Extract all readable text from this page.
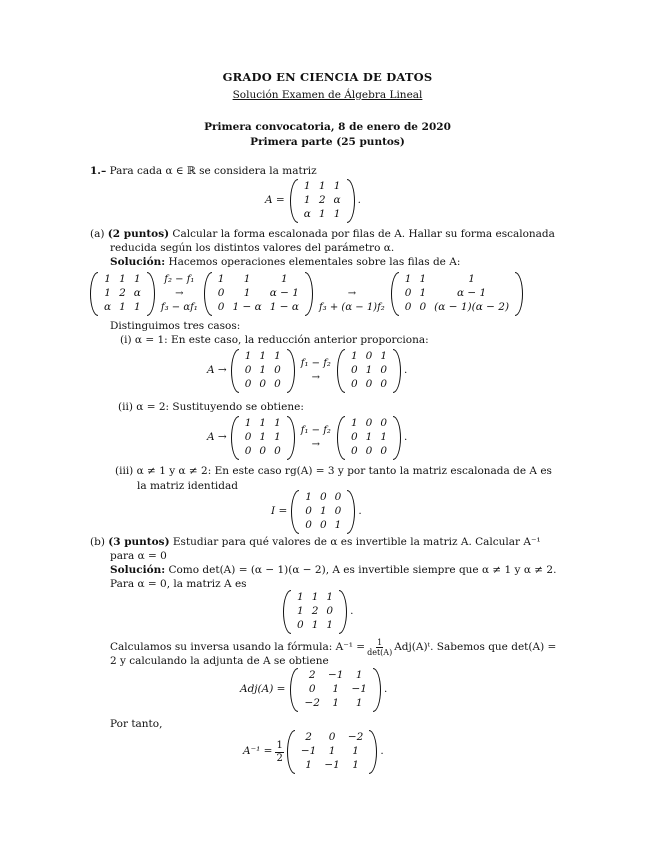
GRADO EN CIENCIA DE DATOS
Solución Examen de Álgebra Lineal
Primera convocatoria, 8 de enero de 2020
Primera parte (25 puntos)
1.– Para cada α ∈ ℝ se considera la matriz
A =
1	1	1
1	2	α
α	1	1
.
(a) (2 puntos) Calcular la forma escalonada por filas de A. Hallar su forma escalonada
reducida según los distintos valores del parámetro α.
Solución: Hacemos operaciones elementales sobre las filas de A:
1	1	1
1	2	α
α	1	1
f₂ − f₁
→
f₃ − αf₁
1	1	1
0	1	α − 1
0	1 − α	1 − α

→
f₃ + (α − 1)f₂
1	1	1
0	1	α − 1
0	0	(α − 1)(α − 2)
Distinguimos tres casos:
(i) α = 1: En este caso, la reducción anterior proporciona:
A →
1	1	1
0	1	0
0	0	0
f₁ − f₂
→
1	0	1
0	1	0
0	0	0
.
(ii) α = 2: Sustituyendo se obtiene:
A →
1	1	1
0	1	1
0	0	0
f₁ − f₂
→
1	0	0
0	1	1
0	0	0
.
(iii) α ≠ 1 y α ≠ 2: En este caso rg(A) = 3 y por tanto la matriz escalonada de A es
la matriz identidad
I =
1	0	0
0	1	0
0	0	1
.
(b) (3 puntos) Estudiar para qué valores de α es invertible la matriz A. Calcular A⁻¹
para α = 0
Solución: Como det(A) = (α − 1)(α − 2), A es invertible siempre que α ≠ 1 y α ≠ 2.
Para α = 0, la matriz A es
1	1	1
1	2	0
0	1	1
.
Calculamos su inversa usando la fórmula: $A^{-1} = \frac{1}{\det(A)}$ Adj(A)ᵗ. Sabemos que det(A) =
2 y calculando la adjunta de A se obtiene
Adj(A) =
2	−1	1
0	1	−1
−2	1	1
.
Por tanto,
$A^{-1} = \frac{1}{2}$
2	0	−2
−1	1	1
1	−1	1
.
